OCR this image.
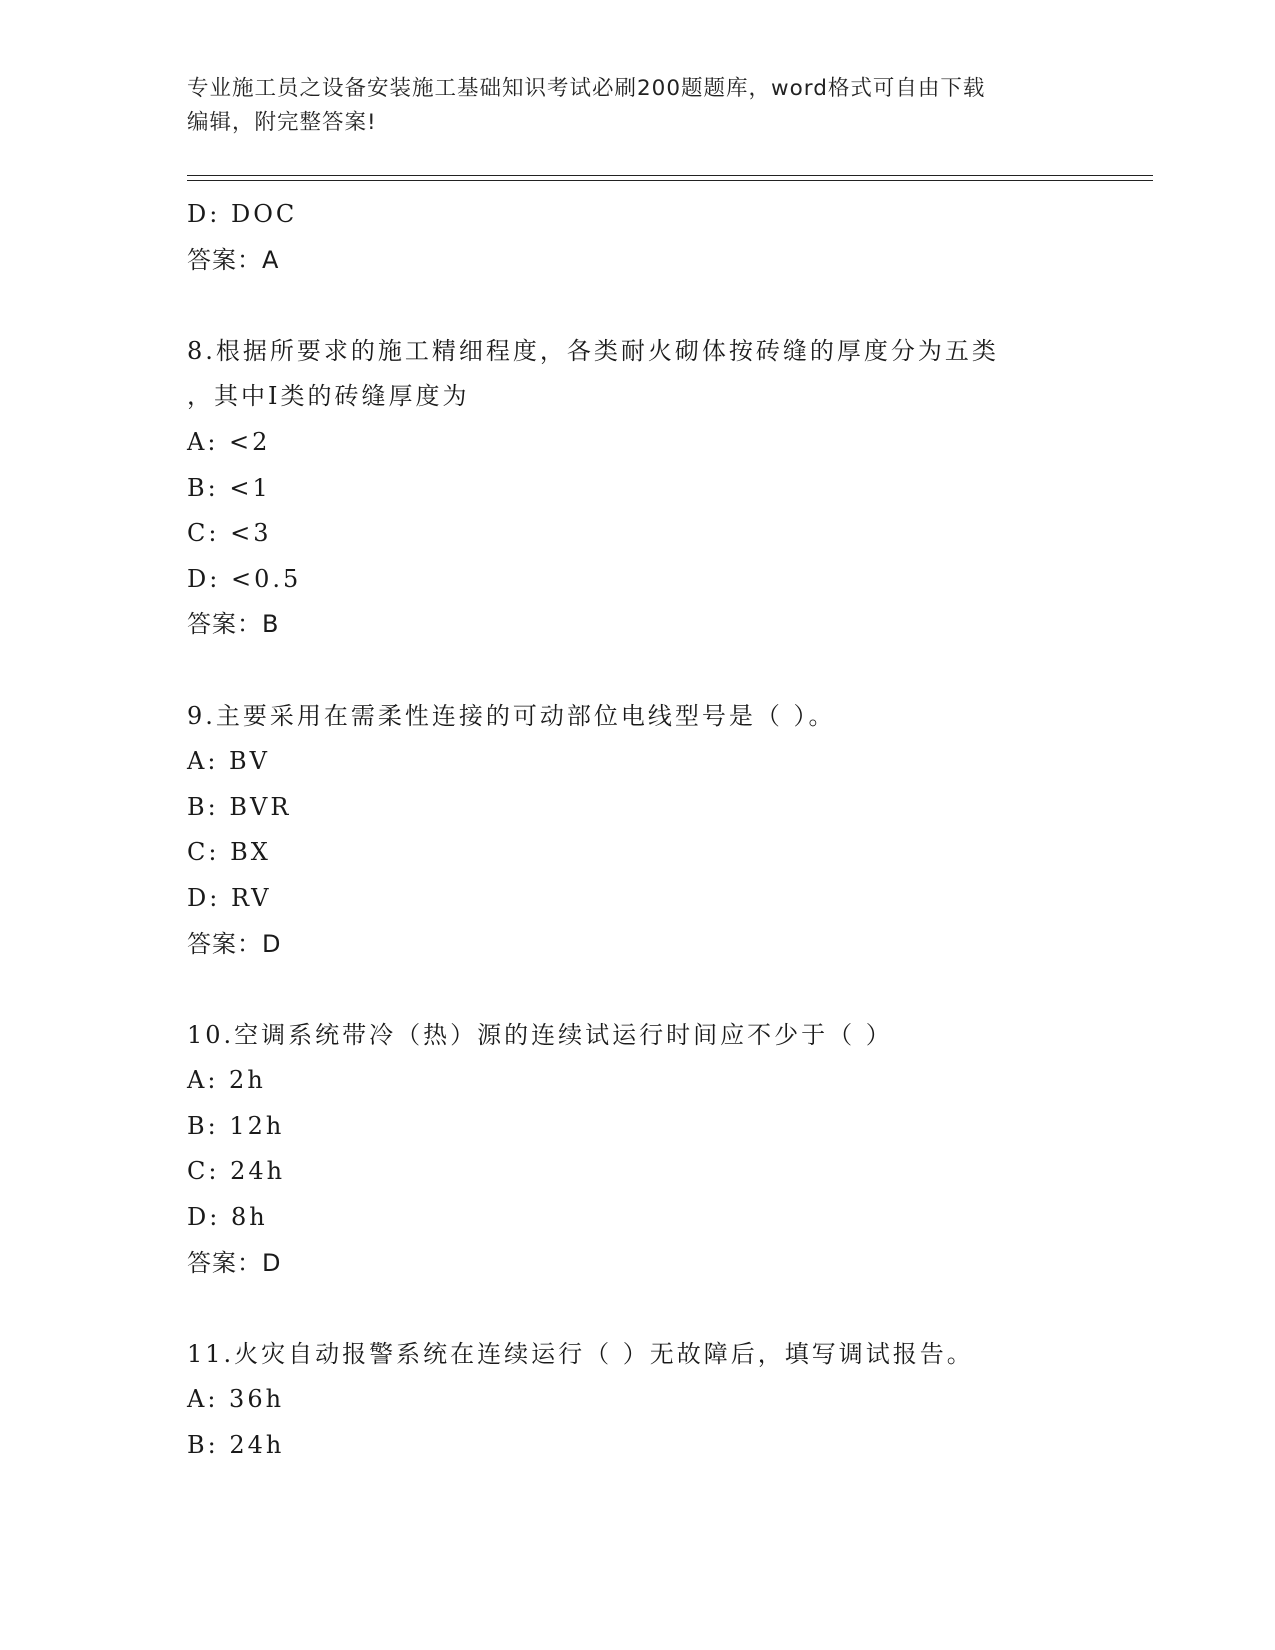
专业施工员之设备安装施工基础知识考试必刷200题题库，word格式可自由下载
编辑，附完整答案!
D: DOC
答案：A
8.根据所要求的施工精细程度，各类耐火砌体按砖缝的厚度分为五类
，其中I类的砖缝厚度为
A: <2
B: <1
C: <3
D: <0.5
答案：B
9.主要采用在需柔性连接的可动部位电线型号是（ ）。
A: BV
B: BVR
C: BX
D: RV
答案：D
10.空调系统带冷（热）源的连续试运行时间应不少于（ ）
A: 2h
B: 12h
C: 24h
D: 8h
答案：D
11.火灾自动报警系统在连续运行（ ）无故障后，填写调试报告。
A: 36h
B: 24h
